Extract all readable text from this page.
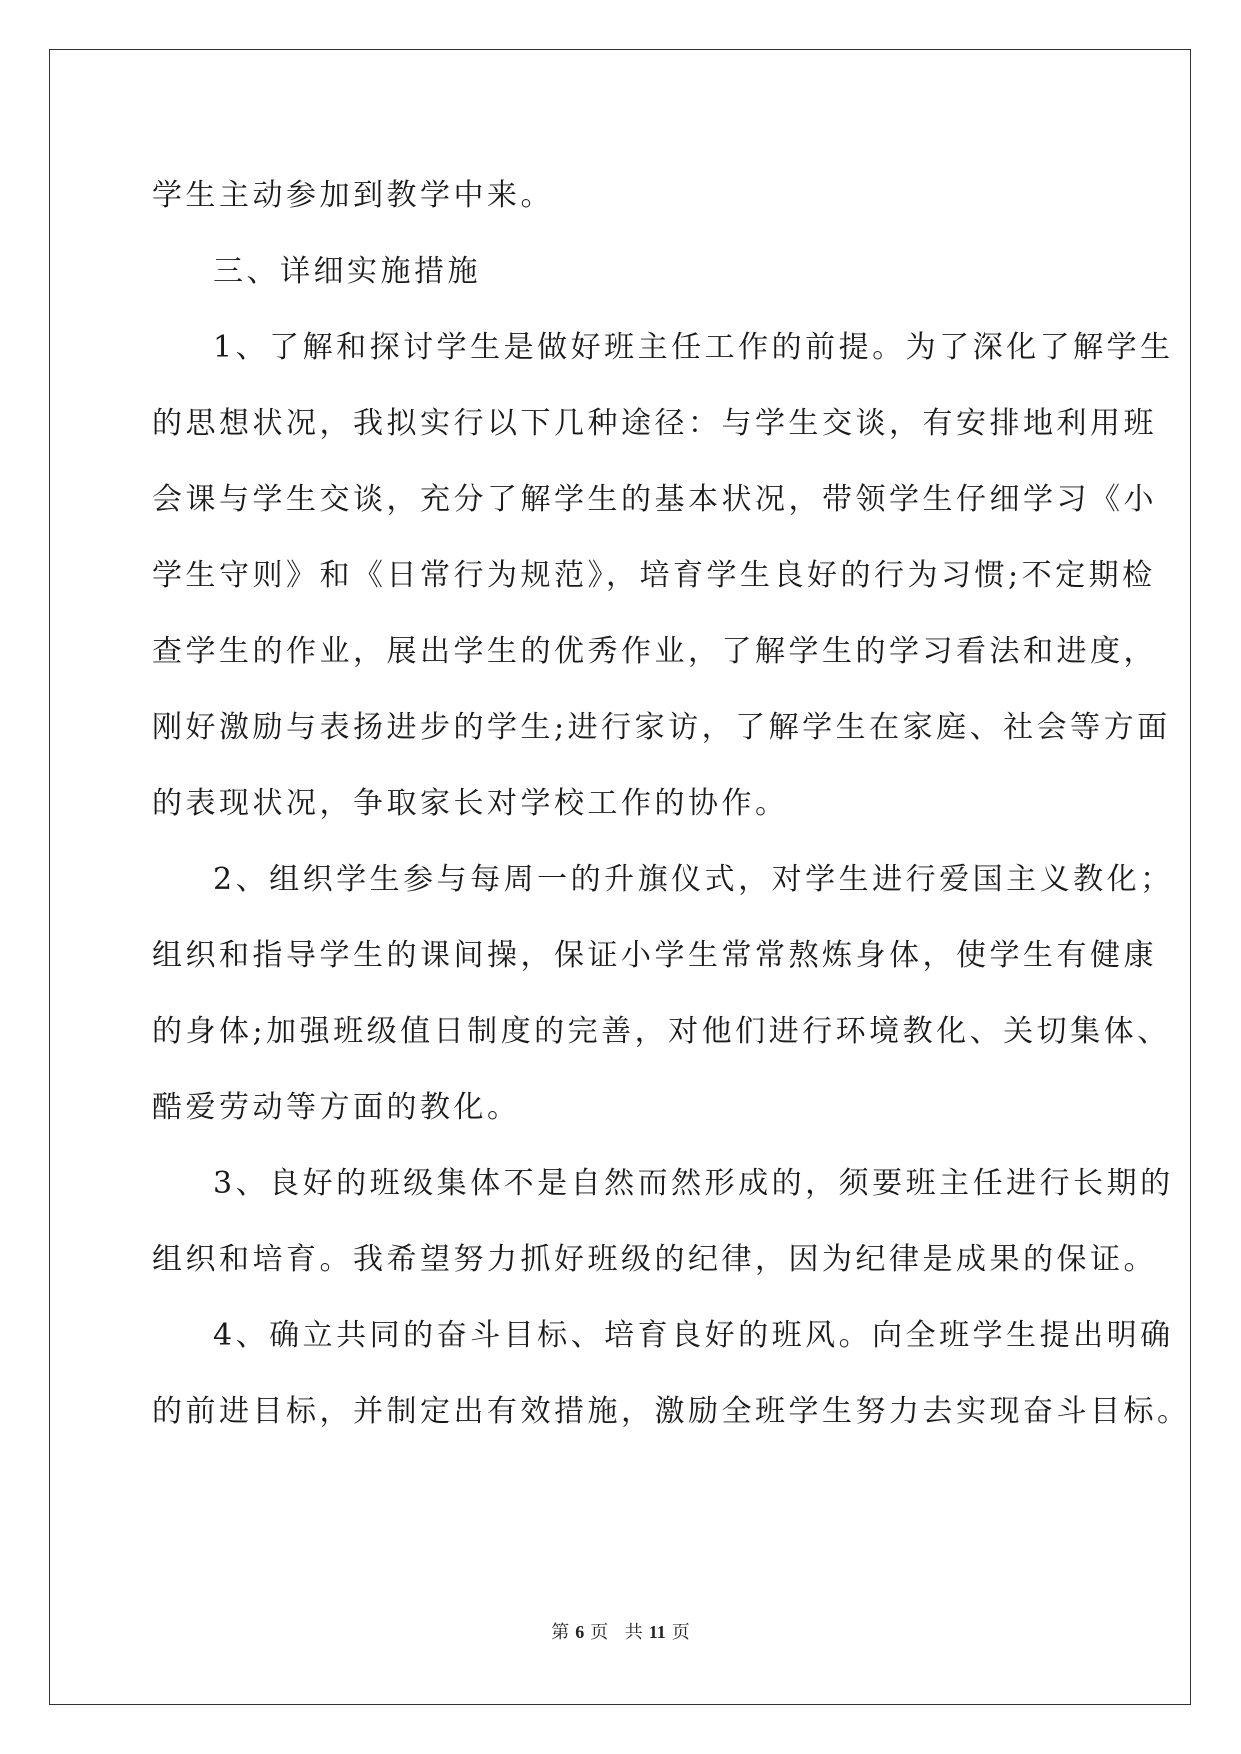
学生主动参加到教学中来。
三、详细实施措施
1、了解和探讨学生是做好班主任工作的前提。为了深化了解学生
的思想状况，我拟实行以下几种途径：与学生交谈，有安排地利用班
会课与学生交谈，充分了解学生的基本状况，带领学生仔细学习《小
学生守则》和《日常行为规范》，培育学生良好的行为习惯;不定期检
查学生的作业，展出学生的优秀作业，了解学生的学习看法和进度，
刚好激励与表扬进步的学生;进行家访，了解学生在家庭、社会等方面
的表现状况，争取家长对学校工作的协作。
2、组织学生参与每周一的升旗仪式，对学生进行爱国主义教化；
组织和指导学生的课间操，保证小学生常常熬炼身体，使学生有健康
的身体;加强班级值日制度的完善，对他们进行环境教化、关切集体、
酷爱劳动等方面的教化。
3、良好的班级集体不是自然而然形成的，须要班主任进行长期的
组织和培育。我希望努力抓好班级的纪律，因为纪律是成果的保证。
4、确立共同的奋斗目标、培育良好的班风。向全班学生提出明确
的前进目标，并制定出有效措施，激励全班学生努力去实现奋斗目标。
第 6 页 共 11 页
